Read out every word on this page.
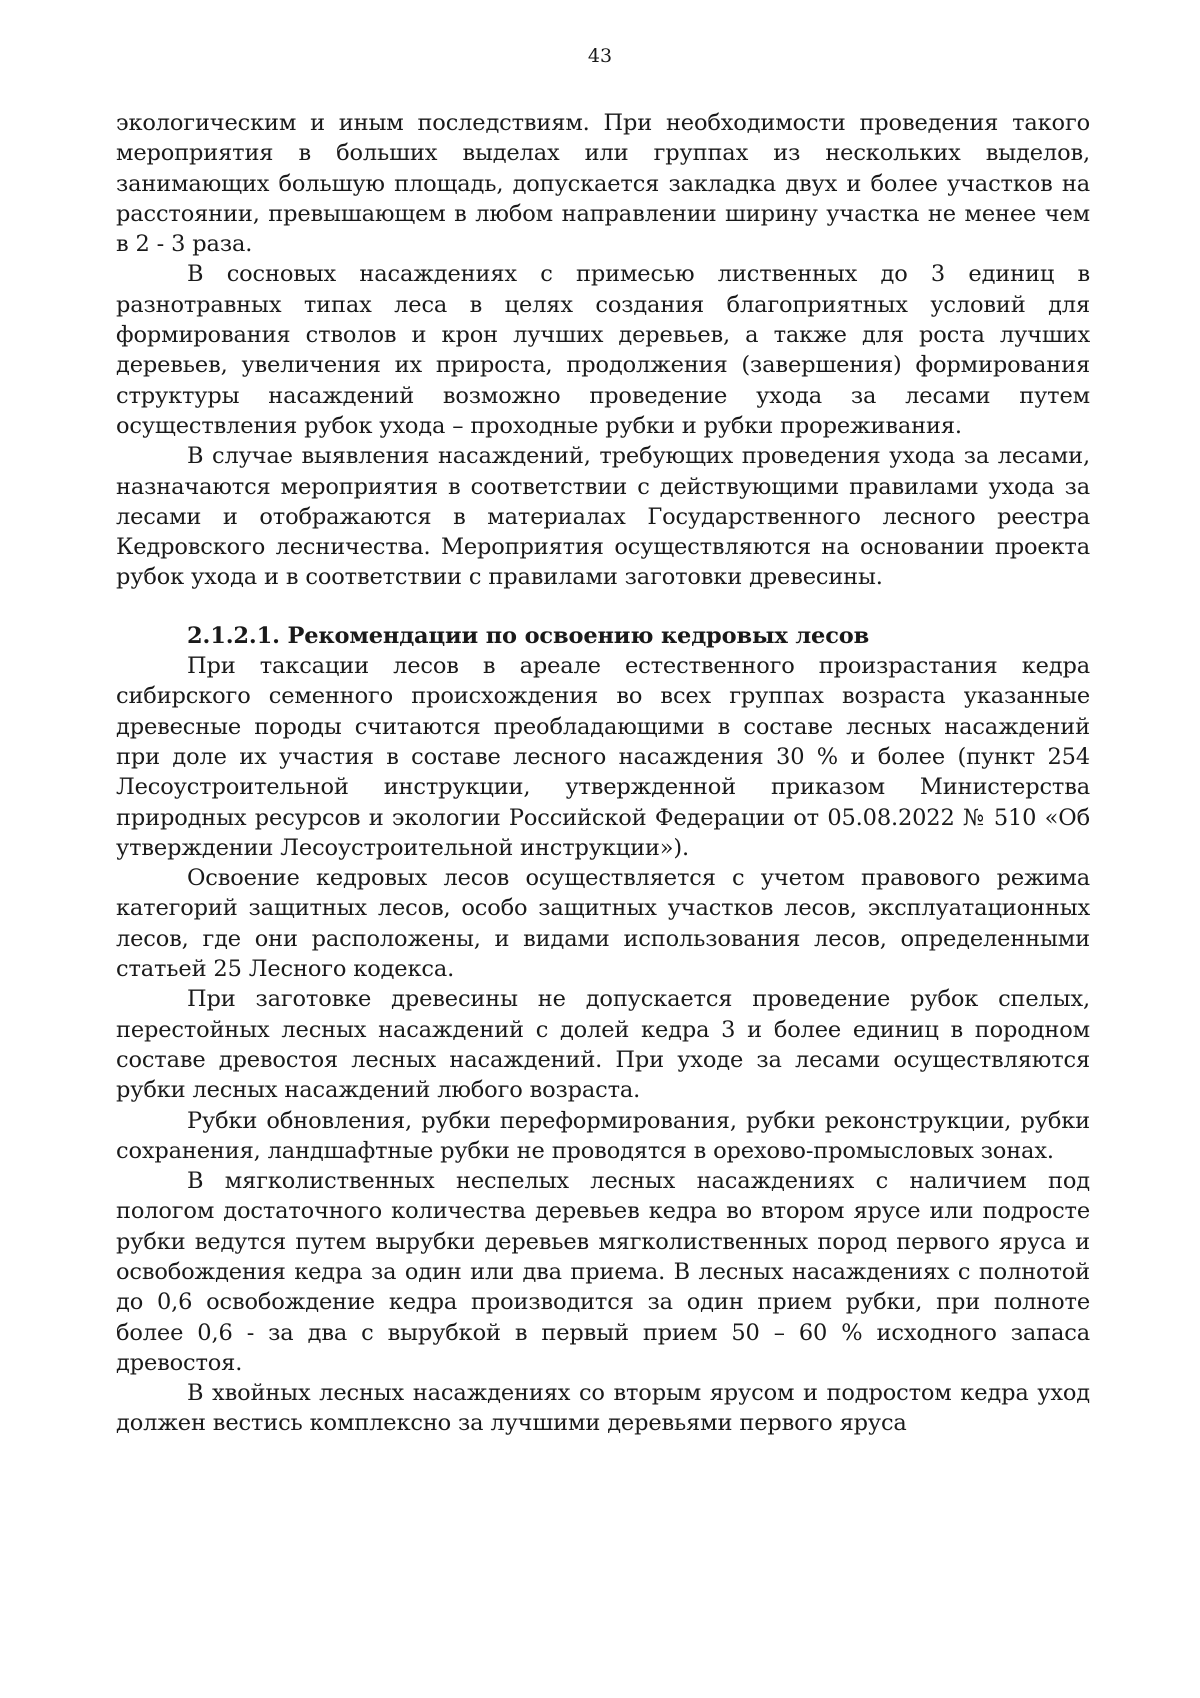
43

экологическим и иным последствиям. При необходимости проведения такого мероприятия в больших выделах или группах из нескольких выделов, занимающих большую площадь, допускается закладка двух и более участков на расстоянии, превышающем в любом направлении ширину участка не менее чем в 2 - 3 раза.

В сосновых насаждениях с примесью лиственных до 3 единиц в разнотравных типах леса в целях создания благоприятных условий для формирования стволов и крон лучших деревьев, а также для роста лучших деревьев, увеличения их прироста, продолжения (завершения) формирования структуры насаждений возможно проведение ухода за лесами путем осуществления рубок ухода – проходные рубки и рубки прореживания.

В случае выявления насаждений, требующих проведения ухода за лесами, назначаются мероприятия в соответствии с действующими правилами ухода за лесами и отображаются в материалах Государственного лесного реестра Кедровского лесничества. Мероприятия осуществляются на основании проекта рубок ухода и в соответствии с правилами заготовки древесины.

2.1.2.1. Рекомендации по освоению кедровых лесов

При таксации лесов в ареале естественного произрастания кедра сибирского семенного происхождения во всех группах возраста указанные древесные породы считаются преобладающими в составе лесных насаждений при доле их участия в составе лесного насаждения 30 % и более (пункт 254 Лесоустроительной инструкции, утвержденной приказом Министерства природных ресурсов и экологии Российской Федерации от 05.08.2022 № 510 «Об утверждении Лесоустроительной инструкции»).

Освоение кедровых лесов осуществляется с учетом правового режима категорий защитных лесов, особо защитных участков лесов, эксплуатационных лесов, где они расположены, и видами использования лесов, определенными статьей 25 Лесного кодекса.

При заготовке древесины не допускается проведение рубок спелых, перестойных лесных насаждений с долей кедра 3 и более единиц в породном составе древостоя лесных насаждений. При уходе за лесами осуществляются рубки лесных насаждений любого возраста.

Рубки обновления, рубки переформирования, рубки реконструкции, рубки сохранения, ландшафтные рубки не проводятся в орехово-промысловых зонах.

В мягколиственных неспелых лесных насаждениях с наличием под пологом достаточного количества деревьев кедра во втором ярусе или подросте рубки ведутся путем вырубки деревьев мягколиственных пород первого яруса и освобождения кедра за один или два приема. В лесных насаждениях с полнотой до 0,6 освобождение кедра производится за один прием рубки, при полноте более 0,6 - за два с вырубкой в первый прием 50 – 60 % исходного запаса древостоя.

В хвойных лесных насаждениях со вторым ярусом и подростом кедра уход должен вестись комплексно за лучшими деревьями первого яруса
